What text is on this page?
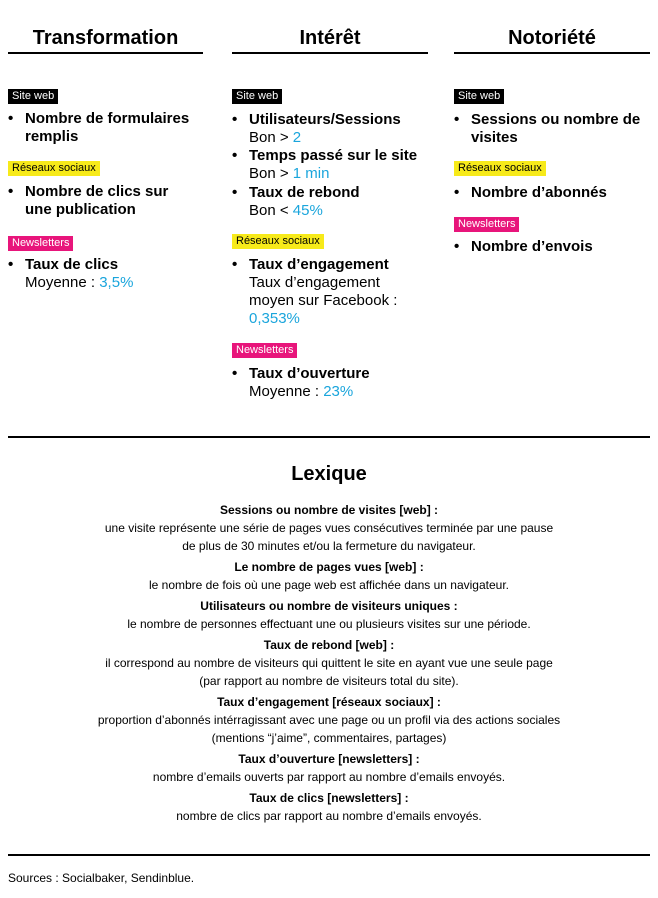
Transformation
Site web
• Nombre de formulaires remplis
Réseaux sociaux
• Nombre de clics sur une publication
Newsletters
• Taux de clics
Moyenne : 3,5%
Intérêt
Site web
• Utilisateurs/Sessions
Bon > 2
• Temps passé sur le site
Bon > 1 min
• Taux de rebond
Bon < 45%
Réseaux sociaux
• Taux d’engagement
Taux d’engagement moyen sur Facebook :
0,353%
Newsletters
• Taux d’ouverture
Moyenne : 23%
Notoriété
Site web
• Sessions ou nombre de visites
Réseaux sociaux
• Nombre d’abonnés
Newsletters
• Nombre d’envois
Lexique
Sessions ou nombre de visites [web] :
une visite représente une série de pages vues consécutives terminée par une pause
de plus de 30 minutes et/ou la fermeture du navigateur.
Le nombre de pages vues [web] :
le nombre de fois où une page web est affichée dans un navigateur.
Utilisateurs ou nombre de visiteurs uniques :
le nombre de personnes effectuant une ou plusieurs visites sur une période.
Taux de rebond [web] :
il correspond au nombre de visiteurs qui quittent le site en ayant vue une seule page
(par rapport au nombre de visiteurs total du site).
Taux d’engagement [réseaux sociaux] :
proportion d’abonnés intérragissant avec une page ou un profil via des actions sociales
(mentions “j’aime”, commentaires, partages)
Taux d’ouverture [newsletters] :
nombre d’emails ouverts par rapport au nombre d’emails envoyés.
Taux de clics [newsletters] :
nombre de clics par rapport au nombre d’emails envoyés.
Sources : Socialbaker, Sendinblue.
